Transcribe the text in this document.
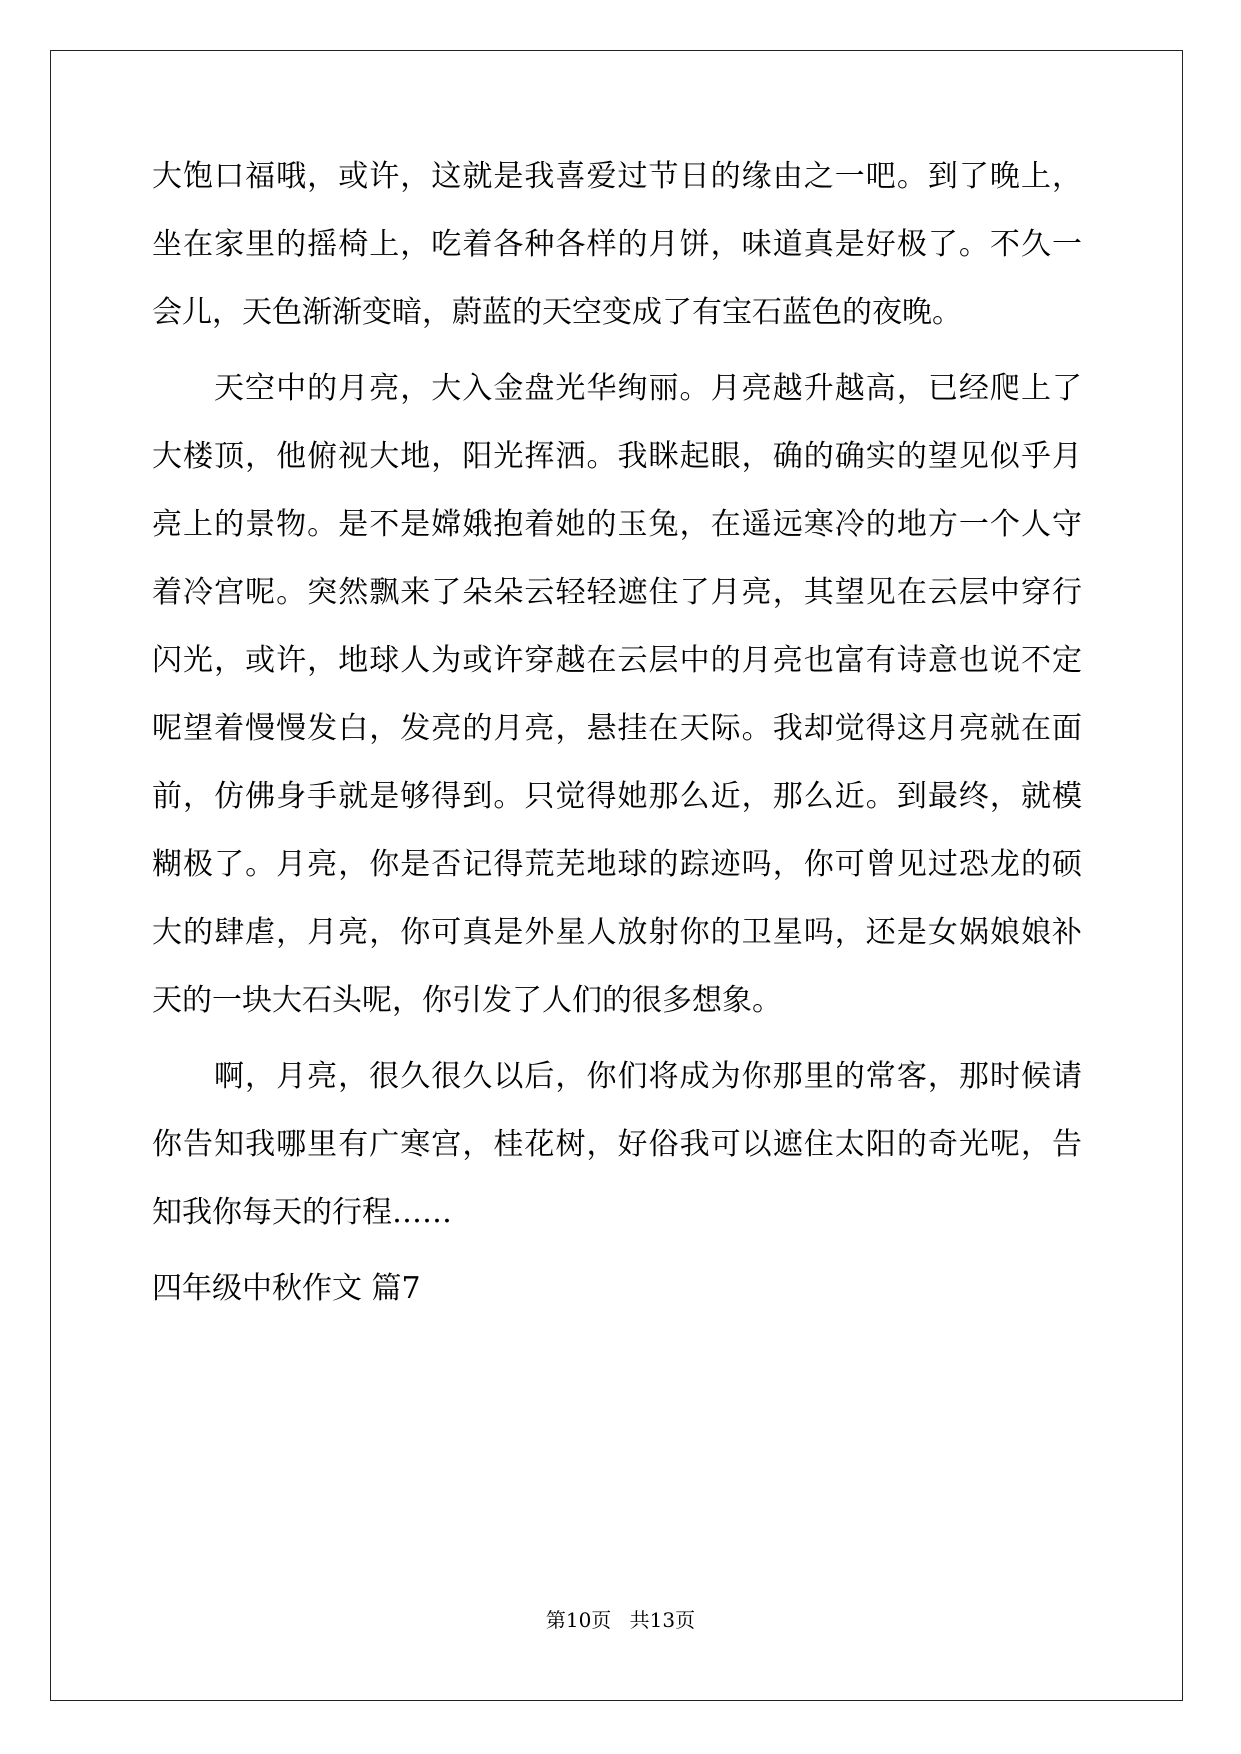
大饱口福哦，或许，这就是我喜爱过节日的缘由之一吧。到了晚上，
坐在家里的摇椅上，吃着各种各样的月饼，味道真是好极了。不久一
会儿，天色渐渐变暗，蔚蓝的天空变成了有宝石蓝色的夜晚。
天空中的月亮，大入金盘光华绚丽。月亮越升越高，已经爬上了
大楼顶，他俯视大地，阳光挥洒。我眯起眼，确的确实的望见似乎月
亮上的景物。是不是嫦娥抱着她的玉兔，在遥远寒冷的地方一个人守
着冷宫呢。突然飘来了朵朵云轻轻遮住了月亮，其望见在云层中穿行
闪光，或许，地球人为或许穿越在云层中的月亮也富有诗意也说不定
呢望着慢慢发白，发亮的月亮，悬挂在天际。我却觉得这月亮就在面
前，仿佛身手就是够得到。只觉得她那么近，那么近。到最终，就模
糊极了。月亮，你是否记得荒芜地球的踪迹吗，你可曾见过恐龙的硕
大的肆虐，月亮，你可真是外星人放射你的卫星吗，还是女娲娘娘补
天的一块大石头呢，你引发了人们的很多想象。
啊，月亮，很久很久以后，你们将成为你那里的常客，那时候请
你告知我哪里有广寒宫，桂花树，好俗我可以遮住太阳的奇光呢，告
知我你每天的行程……
四年级中秋作文 篇7
第10页 共13页
